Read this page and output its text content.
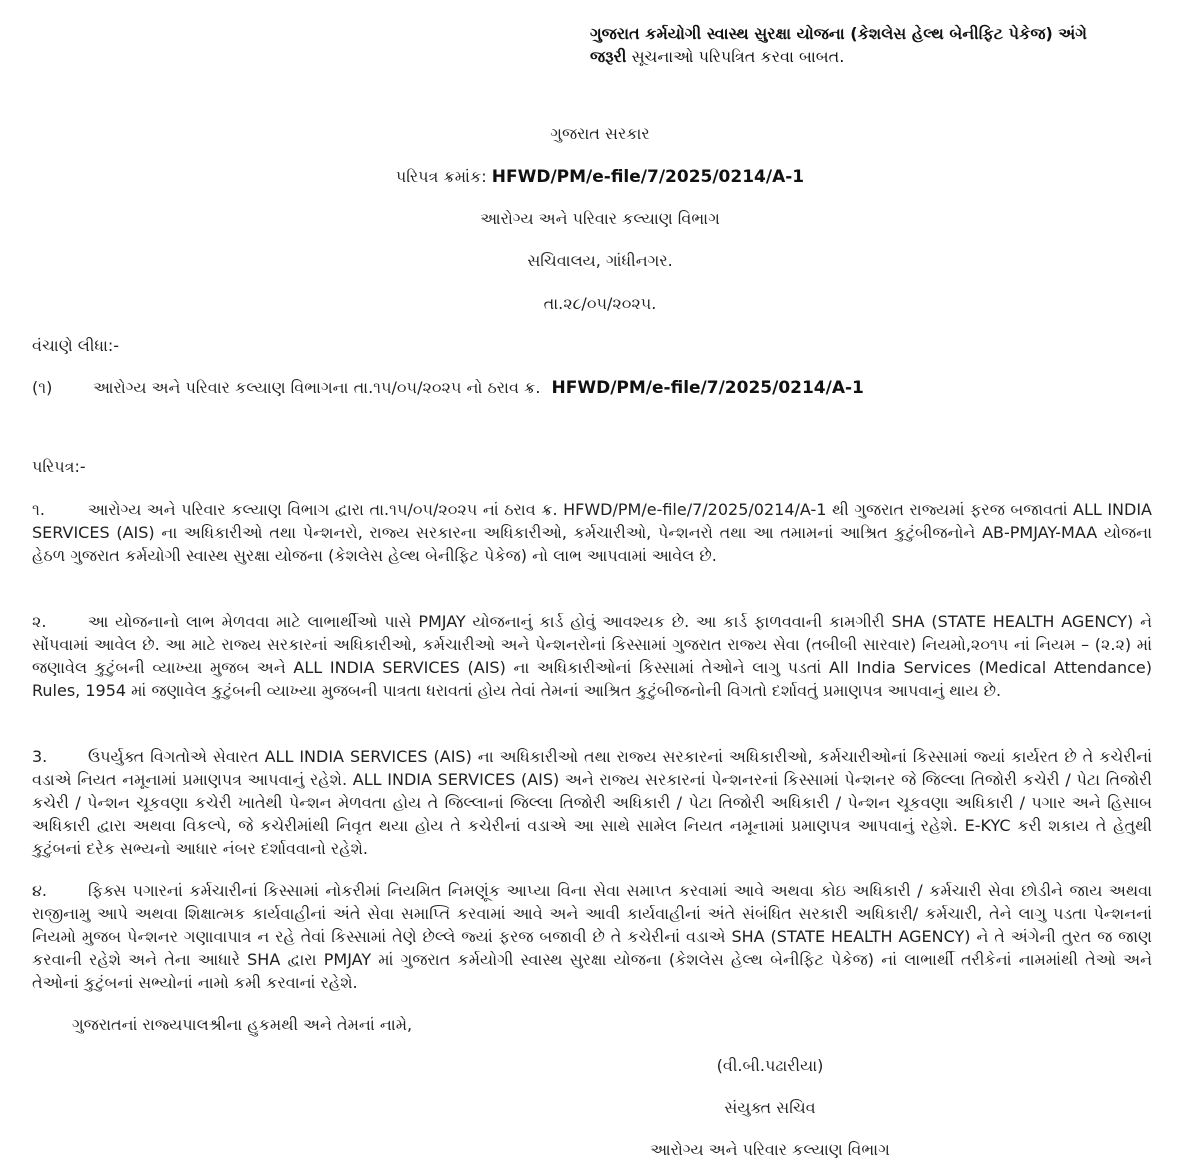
ગુજરાત કર્મયોગી સ્વાસ્થ સુરક્ષા યોજના (કેશલેસ હેલ્થ બેનીફિટ પેકેજ) અંગે
જરૂરી સૂચનાઓ પરિપત્રિત કરવા બાબત.
ગુજરાત સરકાર
પરિપત્ર ક્રમાંક: HFWD/PM/e-file/7/2025/0214/A-1
આરોગ્ય અને પરિવાર કલ્યાણ વિભાગ
સચિવાલય, ગાંધીનગર.
તા.૨૮/૦૫/૨૦૨૫.
વંચાણે લીધા:-
(૧)	આરોગ્ય અને પરિવાર કલ્યાણ વિભાગના તા.૧૫/૦૫/૨૦૨૫ નો ઠરાવ ક્ર. HFWD/PM/e-file/7/2025/0214/A-1
પરિપત્ર:-
૧.	આરોગ્ય અને પરિવાર કલ્યાણ વિભાગ દ્વારા તા.૧૫/૦૫/૨૦૨૫ નાં ઠરાવ ક્ર. HFWD/PM/e-file/7/2025/0214/A-1 થી ગુજરાત રાજ્યમાં ફરજ બજાવતાં ALL INDIA SERVICES (AIS) ના અધિકારીઓ તથા પેન્શનરો, રાજ્ય સરકારના અધિકારીઓ, કર્મચારીઓ, પેન્શનરો તથા આ તમામનાં આશ્રિત કુટુંબીજનોને AB-PMJAY-MAA યોજના હેઠળ ગુજરાત કર્મયોગી સ્વાસ્થ સુરક્ષા યોજના (કેશલેસ હેલ્થ બેનીફિટ પેકેજ) નો લાભ આપવામાં આવેલ છે.
૨.	આ યોજનાનો લાભ મેળવવા માટે લાભાર્થીઓ પાસે PMJAY યોજનાનું કાર્ડ હોવું આવશ્યક છે. આ કાર્ડ ફાળવવાની કામગીરી SHA (STATE HEALTH AGENCY) ને સોંપવામાં આવેલ છે. આ માટે રાજ્ય સરકારનાં અધિકારીઓ, કર્મચારીઓ અને પેન્શનરોનાં કિસ્સામાં ગુજરાત રાજ્ય સેવા (તબીબી સારવાર) નિયમો,૨૦૧૫ નાં નિયમ – (૨.૨) માં જણાવેલ કુટુંબની વ્યાખ્યા મુજબ અને ALL INDIA SERVICES (AIS) ના અધિકારીઓનાં કિસ્સામાં તેઓને લાગુ પડતાં All India Services (Medical Attendance) Rules, 1954 માં જણાવેલ કુટુંબની વ્યાખ્યા મુજબની પાત્રતા ધરાવતાં હોય તેવાં તેમનાં આશ્રિત કુટુંબીજનોની વિગતો દર્શાવતું પ્રમાણપત્ર આપવાનું થાય છે.
3.	ઉપર્યુક્ત વિગતોએ સેવારત ALL INDIA SERVICES (AIS) ના અધિકારીઓ તથા રાજ્ય સરકારનાં અધિકારીઓ, કર્મચારીઓનાં કિસ્સામાં જ્યાં કાર્યરત છે તે કચેરીનાં વડાએ નિયત નમૂનામાં પ્રમાણપત્ર આપવાનું રહેશે. ALL INDIA SERVICES (AIS) અને રાજ્ય સરકારનાં પેન્શનરનાં કિસ્સામાં પેન્શનર જે જિલ્લા તિજોરી કચેરી / પેટા તિજોરી કચેરી / પેન્શન ચૂકવણા કચેરી ખાતેથી પેન્શન મેળવતા હોય તે જિલ્લાનાં જિલ્લા તિજોરી અધિકારી / પેટા તિજોરી અધિકારી / પેન્શન ચૂકવણા અધિકારી / પગાર અને હિસાબ અધિકારી દ્વારા અથવા વિકલ્પે, જે કચેરીમાંથી નિવૃત થયા હોય તે કચેરીનાં વડાએ આ સાથે સામેલ નિયત નમૂનામાં પ્રમાણપત્ર આપવાનું રહેશે. E-KYC કરી શકાય તે હેતુથી કુટુંબનાં દરેક સભ્યનો આધાર નંબર દર્શાવવાનો રહેશે.
૪.	ફિક્સ પગારનાં કર્મચારીનાં કિસ્સામાં નોકરીમાં નિયમિત નિમણૂંક આપ્યા વિના સેવા સમાપ્ત કરવામાં આવે અથવા કોઇ અધિકારી / કર્મચારી સેવા છોડીને જાય અથવા રાજીનામુ આપે અથવા શિક્ષાત્મક કાર્યવાહીનાં અંતે સેવા સમાપ્તિ કરવામાં આવે અને આવી કાર્યવાહીનાં અંતે સંબંધિત સરકારી અધિકારી/ કર્મચારી, તેને લાગુ પડતા પેન્શનનાં નિયમો મુજબ પેન્શનર ગણાવાપાત્ર ન રહે તેવાં કિસ્સામાં તેણે છેલ્લે જ્યાં ફરજ બજાવી છે તે કચેરીનાં વડાએ SHA (STATE HEALTH AGENCY) ને તે અંગેની તુરત જ જાણ કરવાની રહેશે અને તેના આધારે SHA દ્વારા PMJAY માં ગુજરાત કર્મયોગી સ્વાસ્થ સુરક્ષા યોજના (કેશલેસ હેલ્થ બેનીફિટ પેકેજ) નાં લાભાર્થી તરીકેનાં નામમાંથી તેઓ અને તેઓનાં કુટુંબનાં સભ્યોનાં નામો કમી કરવાનાં રહેશે.
ગુજરાતનાં રાજ્યપાલશ્રીના હુકમથી અને તેમનાં નામે,
(વી.બી.પઢારીયા)
સંયુક્ત સચિવ
આરોગ્ય અને પરિવાર કલ્યાણ વિભાગ
